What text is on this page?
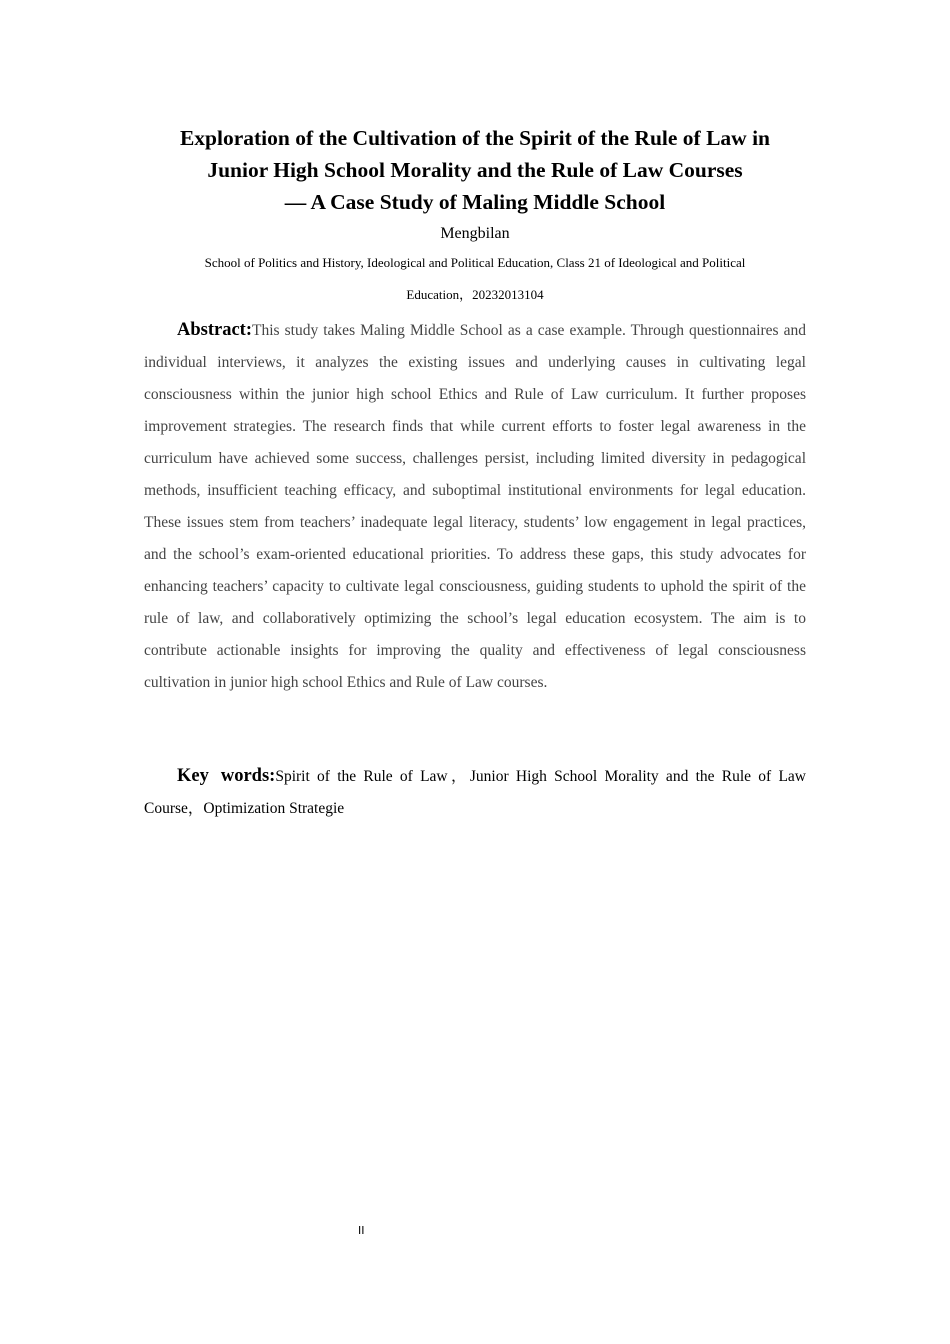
Exploration of the Cultivation of the Spirit of the Rule of Law in

Junior High School Morality and the Rule of Law Courses

— A Case Study of Maling Middle School

Mengbilan
School of Politics and History, Ideological and Political Education, Class 21 of Ideological and Political
Education，20232013104

Abstract:This study takes Maling Middle School as a case example. Through questionnaires and individual interviews, it analyzes the existing issues and underlying causes in cultivating legal consciousness within the junior high school Ethics and Rule of Law curriculum. It further proposes improvement strategies. The research finds that while current efforts to foster legal awareness in the curriculum have achieved some success, challenges persist, including limited diversity in pedagogical methods, insufficient teaching efficacy, and suboptimal institutional environments for legal education. These issues stem from teachers’ inadequate legal literacy, students’ low engagement in legal practices, and the school’s exam-oriented educational priorities. To address these gaps, this study advocates for enhancing teachers’ capacity to cultivate legal consciousness, guiding students to uphold the spirit of the rule of law, and collaboratively optimizing the school’s legal education ecosystem. The aim is to contribute actionable insights for improving the quality and effectiveness of legal consciousness cultivation in junior high school Ethics and Rule of Law courses.

Key words:Spirit of the Rule of Law，Junior High School Morality and the Rule of Law Course，Optimization Strategie

II
